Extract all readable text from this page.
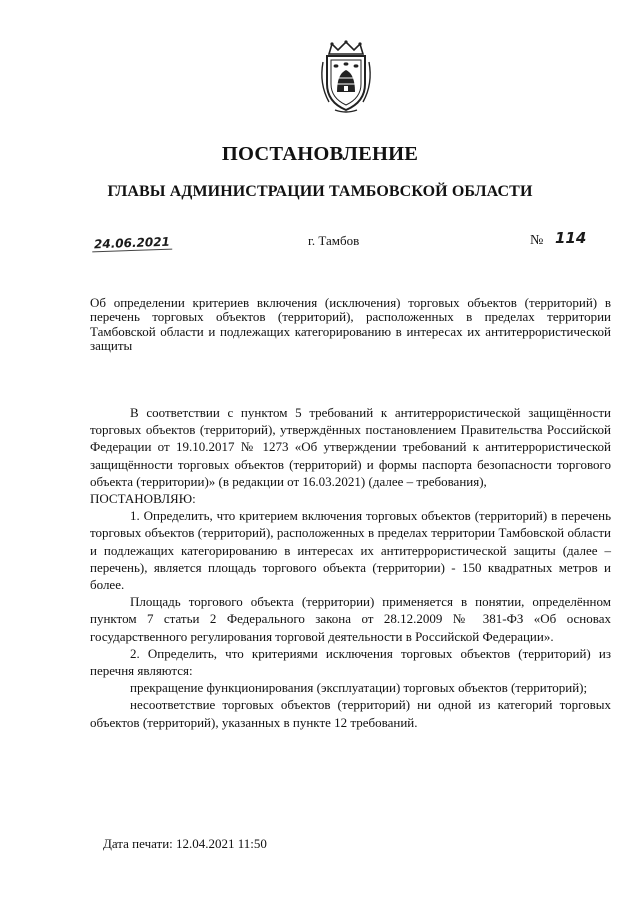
ПОСТАНОВЛЕНИЕ
ГЛАВЫ АДМИНИСТРАЦИИ ТАМБОВСКОЙ ОБЛАСТИ
24.06.2021	г. Тамбов	№ 114
Об определении критериев включения (исключения) торговых объектов (территорий) в перечень торговых объектов (территорий), расположенных в пределах территории Тамбовской области и подлежащих категорированию в интересах их антитеррористической защиты

В соответствии с пунктом 5 требований к антитеррористической защищённости торговых объектов (территорий), утверждённых постановлением Правительства Российской Федерации от 19.10.2017 № 1273 «Об утверждении требований к антитеррористической защищённости торговых объектов (территорий) и формы паспорта безопасности торгового объекта (территории)» (в редакции от 16.03.2021) (далее – требования),

ПОСТАНОВЛЯЮ:

1. Определить, что критерием включения торговых объектов (территорий) в перечень торговых объектов (территорий), расположенных в пределах территории Тамбовской области и подлежащих категорированию в интересах их антитеррористической защиты (далее – перечень), является площадь торгового объекта (территории) - 150 квадратных метров и более.

Площадь торгового объекта (территории) применяется в понятии, определённом пунктом 7 статьи 2 Федерального закона от 28.12.2009 № 381-ФЗ «Об основах государственного регулирования торговой деятельности в Российской Федерации».

2. Определить, что критериями исключения торговых объектов (территорий) из перечня являются:

прекращение функционирования (эксплуатации) торговых объектов (территорий);

несоответствие торговых объектов (территорий) ни одной из категорий торговых объектов (территорий), указанных в пункте 12 требований.

Дата печати: 12.04.2021 11:50
